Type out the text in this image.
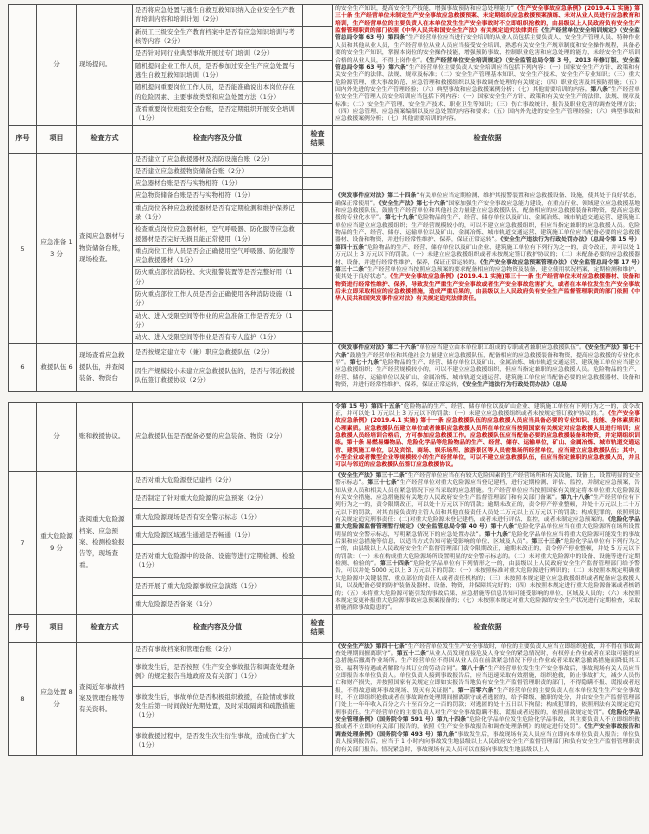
	分	现场提问。	是否将应急处置与逃生自救互救知识纳入企业安全生产教育培训内容和培训计划（2分）		的安全生产知识，提高安全生产技能，增强事故预防和应急处理能力”《生产安全事故应急条例》(2019.4.1 实施) 第三十条 生产经营单位未制定生产安全事故应急救援预案、未定期组织应急救援预案演练、未对从业人员进行应急教育和培训，生产经营单位的主要负责人在本单位发生生产安全事故时不立即组织抢救的，由县级以上人民政府负有安全生产监督管理职责的部门依照《中华人民共和国安全生产法》有关规定追究法律责任《生产经营单位安全培训规定》（安全监管总局令第 63 号）第四条“生产经营单位应当进行安全培训的从业人员包括主要负责人、安全生产管理人员、特种作业人员和其他从业人员，生产经营单位从业人员应当接受安全培训、熟悉有关安全生产规章制度和安全操作规程，具备必要的安全生产知识，掌握本岗位的安全操作技能，增强预防事故、控制职业危害和应急处理的能力，未经安全生产培训合格的从业人员，不得上岗作业”。《生产经营单位安全培训规定》（安全监管总局令第 3 号，2013 年修订版、安全监管总局令第 63 号）第六条“生产经营单位主要负责人安全培训应当包括下列内容：（一）国家安全生产方针、政策和有关安全生产的法律、法规、规章及标准；（二）安全生产管理基本知识、安全生产技术、安全生产专业知识；（三）重大危险源管理、重大事故防范、应急管理和救援组织以及事故调查处理的有关规定；（四）职业危害及其预防措施；（五）国内外先进的安全生产管理经验；（六）典型事故和应急救援案例分析；（七）其他需要培训的内容。第八条“生产经营单位安全生产管理人员安全培训应当包括下列内容：（一）国家安全生产方针、政策和有关安全生产的法律、法规、规章及标准；（二）安全生产管理、安全生产技术、职业卫生等知识；（三）伤亡事故统计、报告及职业危害的调查处理方法；（四）应急管理、应急预案编制以及应急处置的内容和要求；（五）国内外先进的安全生产管理经验；（六）典型事故和应急救援案例分析；（七）其他需要培训的内容。
			新员工三级安全生产教育档案中是否有应急知识培训与考核等内容（2分）		
			是否针对同行业典型事故开展过专门培训（2分）		
			随机提问企业工作人员，是否参加过安全生产应急处置与逃生自救互救知识培训（1分）		
			随机提问重要岗位工作人员，是否能准确说出本岗位存在的危险因素、主要事故类型和应急处置方法（1分）		
			查看重要岗位班组安全台账，是否定期组织开展安全培训（1分）		
序号	项目	检查方式	检查内容及分值	检查结果	检查依据
5	应急准备 13 分	查阅应急器材与物资储备台账，现场检查。	是否建立了应急救援器材及消防设施台账（2分）		《突发事件应对法》第二十四条“有关单位应当定期检测、维护其报警装置和应急救援设备、设施，使其处于良好状态，确保正常使用”。《安全生产法》第七十六条“国家加强生产安全事故应急能力建设，在重点行业、领域建立应急救援基地和应急救援队伍，鼓励生产经营单位和其他社会力量建立应急救援队伍，配备相应的应急救援装备和物资，提高应急救援的专业化水平”。第七十九条“危险物品的生产、经营、储存单位以及矿山、金属冶炼、城市轨道交通运营、建筑施工单位应当建立应急救援组织；生产经营规模较小的，可以不建立应急救援组织，但应当指定兼职的应急救援人员。危险物品的生产、经营、储存、运输单位以及矿山、金属冶炼、城市轨道交通运营、建筑施工单位应当配备必要的应急救援器材、设备和物资，并进行经常性维护、保养，保证正常运转”。《安全生产违法行为行政处罚办法》（总局令第 15 号）第四十五条“危险物品的生产、经营、储存单位以及矿山企业、建筑施工单位有下列行为之一的，责令改正，并可以处 1 万元以上 3 万元以下的罚款。（一）未建立应急救援组织或者未按规定签订救护协议的；（二）未配备必要的应急救援器材、设备，并进行经常性维护、保养，保证正常运转的。《生产安全事故应急预案管理办法》（安全监管总局令第 17 号）第三十二条“生产经营单位应当按照应急预案的要求配备相应的应急物资及装备，建立使用状况档案，定期检测和维护，使其处于良好状态”。《生产安全事故应急条例》(2019.4.1 实施)第三十一条 生产经营单位未对应急救援器材、设备和物资进行经常性维护、保养，导致发生严重生产安全事故或者生产安全事故危害扩大，或者在本单位发生生产安全事故后未立即采取相应的应急救援措施，造成严重后果的，由县级以上人民政府负有安全生产监督管理职责的部门依照《中华人民共和国突发事件应对法》有关规定追究法律责任。
			是否建立应急救援物资储备台账（2分）		
			应急器材台账是否与实物相符（1分）		
			应急物资储备台账是否与实物相符（1分）		
			重点岗位各种应急救援器材是否有定期检测和维护保养记录（1分）		
			检查重点岗位应急器材柜，空气呼吸器、防化服等应急救援器材是否完好无损且能正常使用（1分）		
			重点岗位工作人员是否会正确使用空气呼吸器、防化服等应急救援器材（1分）		
			防火重点部位消防栓、火灾报警装置等是否完整好用（1分）		
			防火重点部位工作人员是否会正确使用各种消防设施（1分）		
			动火、进入受限空间等作业的应急准备工作是否充分（1分）		
			动火、进入受限空间等作业是否有专人监护（1分）		
6	救援队伍 6	现场查看应急救援队伍，并查阅装备、物资台	是否按规定建立专（兼）职应急救援队伍（2分）		《突发事件应对法》第二十六条“单位应当建立由本单位职工组成的专职或者兼职应急救援队伍”。《安全生产法》第七十六条“鼓励生产经营单位和其他社会力量建立应急救援队伍，配备相应的应急救援装备和物资，提高应急救援的专业化水平”。第七十九条“危险物品的生产、经营、储存单位以及矿山、金属冶炼、城市轨道交通运营、建筑施工单位应当建立应急救援组织；生产经营规模较小的，可以不建立应急救援组织，但应当指定兼职的应急救援人员。危险物品的生产、经营、储存、运输单位以及矿山、金属冶炼、城市轨道交通运营、建筑施工单位应当配备必要的应急救援器材、设备和物资，并进行经常性维护、保养，保证正常运转，《安全生产违法行为行政处罚办法》（总局
			因生产规模较小未建立应急救援队伍的，是否与邻近救援队伍签订救援协议（2分）		
	分	账和救援协议。	应急救援队伍是否配备必要的应急装备、物资（2分）		令第 15 号）第四十五条“危险物品的生产、经营、储存单位以及矿山企业、建筑施工单位有下列行为之一的，责令改正，并可以处 1 万元以上 3 万元以下的罚款：（一）未建立应急救援组织或者未按规定签订救护协议的。”。《生产安全事故应急条例》(2019.4.1 实施) 第十一条 应急救援队伍的应急救援人员应当具备必要的专业知识、技能、身体素质和心理素质。应急救援队伍建立单位或者兼职应急救援人员所在单位应当按照国家有关规定对应急救援人员进行培训；应急救援人员经培训合格后，方可参加应急救援工作。应急救援队伍应当配备必要的应急救援装备和物资，并定期组织训练。第十条 易燃易爆物品、危险化学品等危险物品的生产、经营、储存、运输单位，矿山、金属冶炼、城市轨道交通运营、建筑施工单位，以及宾馆、商场、娱乐场所、旅游景区等人员密集场所经营单位，应当建立应急救援队伍；其中，小型企业或者微型企业等规模较小的生产经营单位，可以不建立应急救援队伍，但应当指定兼职的应急救援人员，并且可以与邻近的应急救援队伍签订应急救援协议。
7	重大危险源 9 分	查阅重大危险源档案、应急预案、检测检验报告等，现场查看。	是否对重大危险源登记建档（2分）		《安全生产法》第三十二条“生产经营单位应当在有较大危险因素的生产经营场所和有关设施、设备上，设置明显的安全警示标志”。第三十七条“生产经营单位对重大危险源应当登记建档，进行定期检测、评估、监控，并制定应急预案，告知从业人员和相关人员在紧急情况下应当采取的应急措施。生产经营单位应当按照国家有关规定将本单位重大危险源及有关安全措施、应急措施报有关地方人民政府安全生产监督管理部门和有关部门备案”。第九十八条“生产经营单位有下列行为之一的，责令限期改正，可以处十万元以下的罚款；逾期未改正的，责令停产停业整顿，并处十万元以上二十万元以下的罚款，对其直接负责的主管人员和其他直接责任人员处二万元以上五万元以下的罚款；构成犯罪的，依照刑法有关规定追究刑事责任：(二)对重大危险源未登记建档，或者未进行评估、监控，或者未制定应急预案的。《危险化学品重大危险源监督管理暂行规定》（安全监管总局令第 40 号）第十八条“危险化学品单位应当在重大危险源所在场所设置明显的安全警示标志，写明紧急情况下的应急处置办法”。第十九条“危险化学品单位应当将重大危险源可能发生的事故后果和应急措施等信息，以适当方式告知可能受影响的单位、区域及人员”。第三十三条“危险化学品单位有下列行为之一的，由县级以上人民政府安全生产监督管理部门责令限期改正，逾期未改正的，责令停产停业整顿，并处 5 万元以下的罚款：（一）未在构成重大危险源场所设置明显的安全警示标志的。（二）未对重大危险源中的设备、设施等进行定期检测、检验的”。第三十四条“危险化学品单位有下列情形之一的，由县级以上人民政府安全生产监督管理部门给予警告，可以并处 5000 元以上 3 万元以下的罚款：（一）未按照标准对重大危险源进行辨识的；（二）未按照本规定明确重大危险源中关键装置、重点部位的责任人或者责任机构的；（三）未按照本规定建立应急救援组织或者配备应急救援人员，以及配备必要的防护装备及器材、设备、物资，并保障其完好的；（四）未按照本规定进行重大危险源备案或者核销的；（五）未将重大危险源可能引发的事故后果、应急措施等信息告知可能受影响的单位、区域及人员的；（六）未按照本规定变更补报重大危险源事故应急预案报备的；（七）未按照本规定对重大危险源的安全生产状况进行定期检查，采取措施消除事故隐患的”。
			是否制定了针对重大危险源的应急预案（2分）		
			重大危险源现场是否有安全警示标志（1分）		
			重大危险源区域逃生通道是否畅通（1分）		
			是否对重大危险源中的设备、设施等进行定期检测、检验（1分）		
			是否开展了重大危险源事故应急演练（1分）		
			重大危险源是否备案（1分）		
序号	项目	检查方式	检查内容及分值	检查结果	检查依据
8	应急处置 8 分	查阅近年事故档案及管理台账等有关资料。	是否有事故档案和管理台账（2分）		《安全生产法》第四十七条“生产经营单位发生生产安全事故时，单位的主要负责人应当立即组织抢救，并不得在事故调查处理期间擅离职守”。第五十二条“从业人员发现直接危及人身安全的紧急情况时，有权停止作业或者在采取可能的应急措施后撤离作业场所。生产经营单位不得因从业人员在前款紧急情况下停止作业或者采取紧急撤离措施而降低其工资、福利等待遇或者解除与其订立的劳动合同”。第八十条“生产经营单位发生生产安全事故后，事故现场有关人员应当立即报告本单位负责人。单位负责人接到事故报告后，应当迅速采取有效措施，组织抢救，防止事故扩大，减少人员伤亡和财产损失，并按照国家有关规定立即如实报告当地负有安全生产监督管理职责的部门，不得隐瞒不报、谎报或者迟报，不得故意破坏事故现场、毁灭有关证据”。第一百零六条“生产经营单位的主要负责人在本单位发生生产安全事故时，不立即组织抢救或者在事故调查处理期间擅离职守或者逃匿的，给予降级、撤职的处分，并由安全生产监督管理部门处上一年年收入百分之六十至百分之一百的罚款；对逃匿的处十五日以下拘留；构成犯罪的，依照刑法有关规定追究刑事责任。生产经营单位的主要负责人对生产安全事故隐瞒不报、谎报或者迟报的，依照前款规定处罚”。《危险化学品安全管理条例》（国务院令第 591 号）第九十四条“危险化学品单位发生危险化学品事故，其主要负责人不立即组织救援或者不立即向有关部门报告的，依照《生产安全事故报告和调查处理条例》的规定进行处罚”。《生产安全事故报告和调查处理条例》（国务院令第 493 号）第九条“事故发生后，事故现场有关人员应当立即向本单位负责人报告；单位负责人接到报告后，应当于 1 小时内向事故发生地县级以上人民政府安全生产监督管理部门和负有安全生产监督管理职责的有关部门报告。情况紧急时，事故现场有关人员可以直接向事故发生地县级以上人
			事故发生后，是否按照《生产安全事故报告和调查处理条例》的规定报告当地政府及有关部门（1分）		
			事故发生后，事故单位是否积极组织救援，在险情或事故发生后第一时间做好先期处置，及时采取隔离和疏散措施（1分）		
			事故救援过程中，是否发生次生衍生事故，造成伤亡扩大（1分）		
